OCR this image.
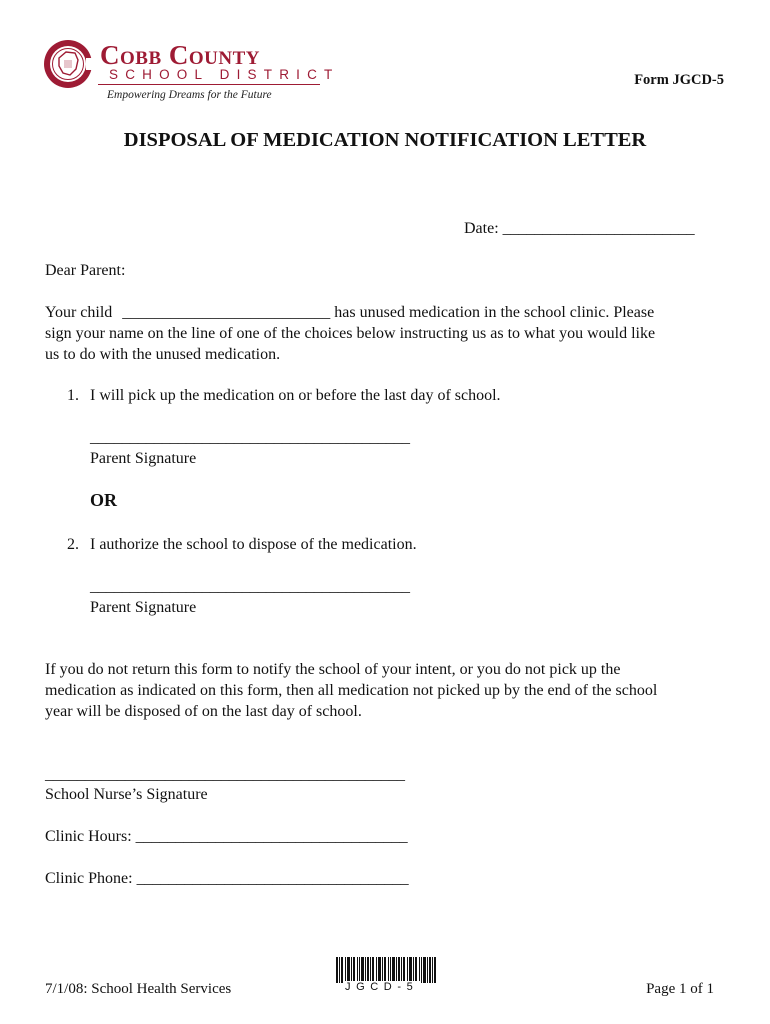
Cobb County
SCHOOL DISTRICT
Empowering Dreams for the Future
Form JGCD-5
DISPOSAL OF MEDICATION NOTIFICATION LETTER
Date: ________________________
Dear Parent:
Your child __________________________ has unused medication in the school clinic. Please
sign your name on the line of one of the choices below instructing us as to what you would like
us to do with the unused medication.
1. I will pick up the medication on or before the last day of school.
________________________________________
Parent Signature
OR
2. I authorize the school to dispose of the medication.
________________________________________
Parent Signature
If you do not return this form to notify the school of your intent, or you do not pick up the
medication as indicated on this form, then all medication not picked up by the end of the school
year will be disposed of on the last day of school.
_____________________________________________
School Nurse’s Signature
Clinic Hours: __________________________________
Clinic Phone: __________________________________
7/1/08: School Health Services	JGCD-5	Page 1 of 1
